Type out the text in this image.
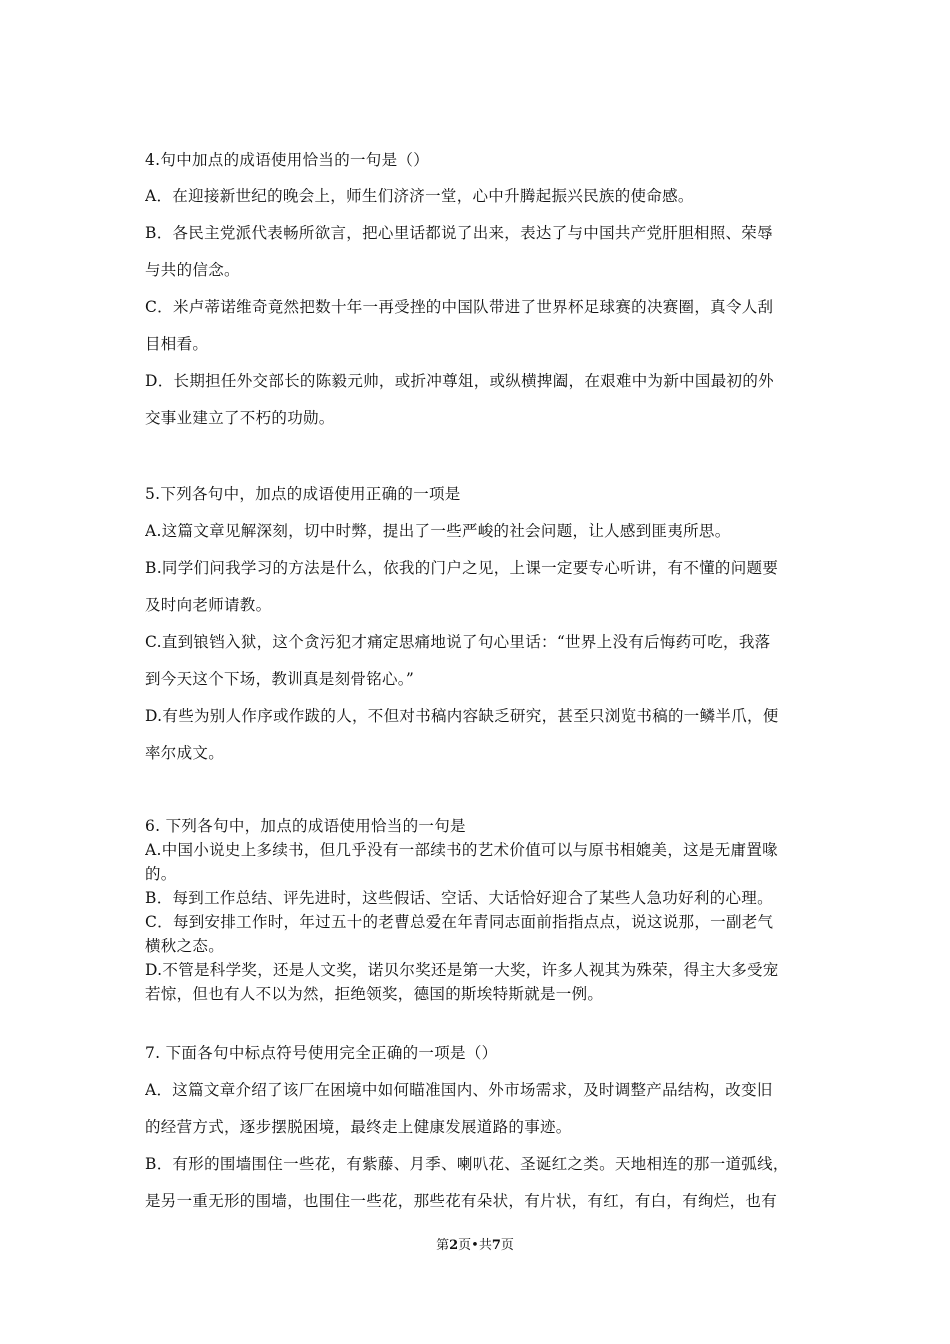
4.句中加点的成语使用恰当的一句是（）

A．在迎接新世纪的晚会上，师生们济济一堂，心中升腾起振兴民族的使命感。

B．各民主党派代表畅所欲言，把心里话都说了出来，表达了与中国共产党肝胆相照、荣辱

与共的信念。

C．米卢蒂诺维奇竟然把数十年一再受挫的中国队带进了世界杯足球赛的决赛圈，真令人刮

目相看。

D．长期担任外交部长的陈毅元帅，或折冲尊俎，或纵横捭阖，在艰难中为新中国最初的外

交事业建立了不朽的功勋。

5.下列各句中，加点的成语使用正确的一项是

A.这篇文章见解深刻，切中时弊，提出了一些严峻的社会问题，让人感到匪夷所思。

B.同学们问我学习的方法是什么，依我的门户之见，上课一定要专心听讲，有不懂的问题要

及时向老师请教。

C.直到锒铛入狱，这个贪污犯才痛定思痛地说了句心里话：“世界上没有后悔药可吃，我落

到今天这个下场，教训真是刻骨铭心。”

D.有些为别人作序或作跋的人，不但对书稿内容缺乏研究，甚至只浏览书稿的一鳞半爪，便

率尔成文。

6. 下列各句中，加点的成语使用恰当的一句是

A.中国小说史上多续书，但几乎没有一部续书的艺术价值可以与原书相媲美，这是无庸置喙

的。

B．每到工作总结、评先进时，这些假话、空话、大话恰好迎合了某些人急功好利的心理。

C．每到安排工作时，年过五十的老曹总爱在年青同志面前指指点点，说这说那，一副老气

横秋之态。

D.不管是科学奖，还是人文奖，诺贝尔奖还是第一大奖，许多人视其为殊荣，得主大多受宠

若惊，但也有人不以为然，拒绝领奖，德国的斯埃特斯就是一例。

7. 下面各句中标点符号使用完全正确的一项是（）

A．这篇文章介绍了该厂在困境中如何瞄准国内、外市场需求，及时调整产品结构，改变旧

的经营方式，逐步摆脱困境，最终走上健康发展道路的事迹。

B．有形的围墙围住一些花，有紫藤、月季、喇叭花、圣诞红之类。天地相连的那一道弧线，

是另一重无形的围墙，也围住一些花，那些花有朵状，有片状，有红，有白，有绚烂，也有

第2页•共7页
